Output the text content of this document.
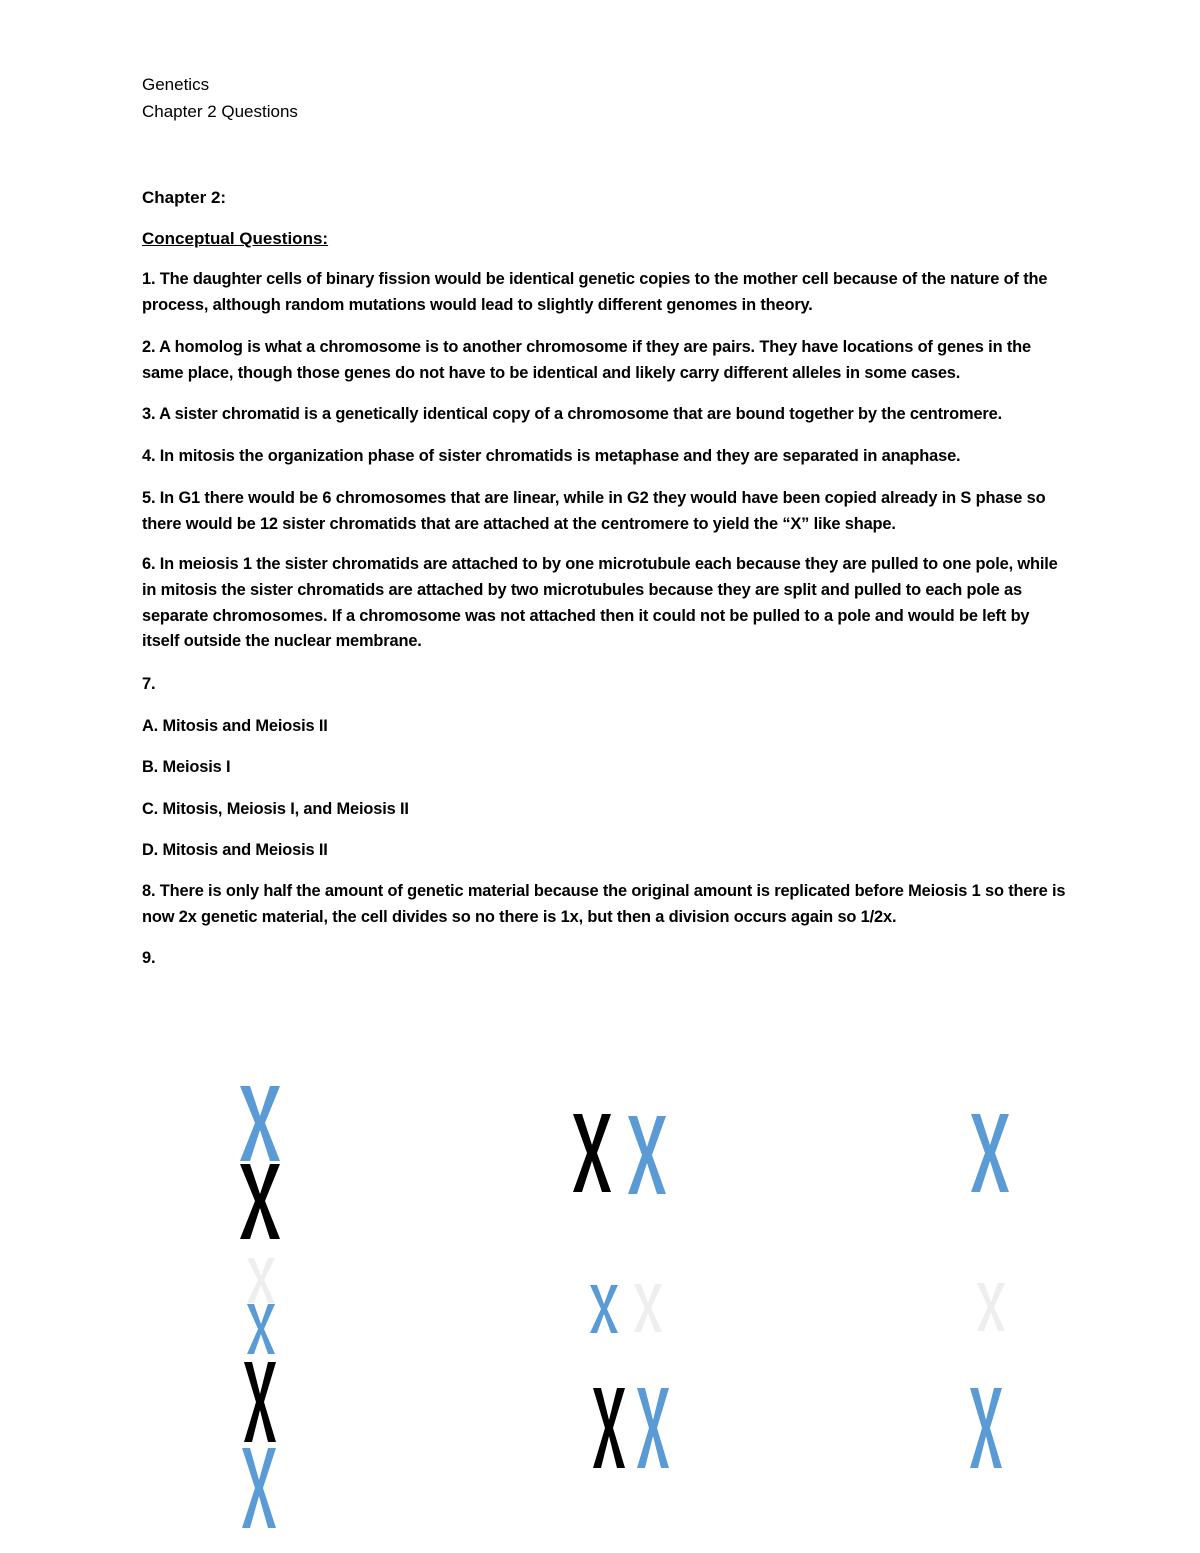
Genetics
Chapter 2 Questions
Chapter 2:
Conceptual Questions:
1. The daughter cells of binary fission would be identical genetic copies to the mother cell because of the nature of the process, although random mutations would lead to slightly different genomes in theory.
2. A homolog is what a chromosome is to another chromosome if they are pairs. They have locations of genes in the same place, though those genes do not have to be identical and likely carry different alleles in some cases.
3. A sister chromatid is a genetically identical copy of a chromosome that are bound together by the centromere.
4. In mitosis the organization phase of sister chromatids is metaphase and they are separated in anaphase.
5. In G1 there would be 6 chromosomes that are linear, while in G2 they would have been copied already in S phase so there would be 12 sister chromatids that are attached at the centromere to yield the “X” like shape.
6. In meiosis 1 the sister chromatids are attached to by one microtubule each because they are pulled to one pole, while in mitosis the sister chromatids are attached by two microtubules because they are split and pulled to each pole as separate chromosomes. If a chromosome was not attached then it could not be pulled to a pole and would be left by itself outside the nuclear membrane.
7.
A. Mitosis and Meiosis II
B. Meiosis I
C. Mitosis, Meiosis I, and Meiosis II
D. Mitosis and Meiosis II
8. There is only half the amount of genetic material because the original amount is replicated before Meiosis 1 so there is now 2x genetic material, the cell divides so no there is 1x, but then a division occurs again so 1/2x.
9.
